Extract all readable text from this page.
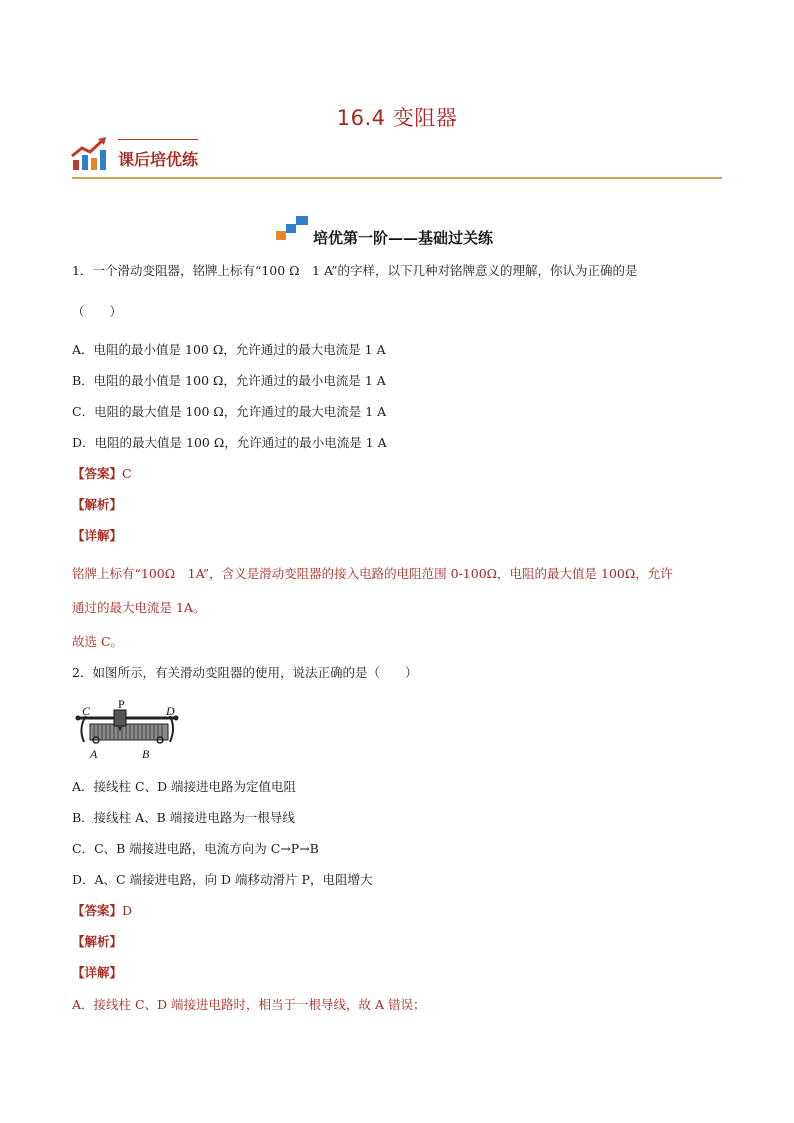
16.4 变阻器
课后培优练
培优第一阶——基础过关练
1．一个滑动变阻器，铭牌上标有“100 Ω　1 A”的字样，以下几种对铭牌意义的理解，你认为正确的是
（　　）
A．电阻的最小值是 100 Ω，允许通过的最大电流是 1 A
B．电阻的最小值是 100 Ω，允许通过的最小电流是 1 A
C．电阻的最大值是 100 Ω，允许通过的最大电流是 1 A
D．电阻的最大值是 100 Ω，允许通过的最小电流是 1 A
【答案】C
【解析】
【详解】
铭牌上标有“100Ω　1A”，含义是滑动变阻器的接入电路的电阻范围 0-100Ω，电阻的最大值是 100Ω，允许
通过的最大电流是 1A。
故选 C。
2．如图所示，有关滑动变阻器的使用，说法正确的是（　　）
C P	D
A	B
A．接线柱 C、D 端接进电路为定值电阻
B．接线柱 A、B 端接进电路为一根导线
C．C、B 端接进电路，电流方向为 C→P→B
D．A、C 端接进电路，向 D 端移动滑片 P，电阻增大
【答案】D
【解析】
【详解】
A．接线柱 C、D 端接进电路时，相当于一根导线，故 A 错误；
